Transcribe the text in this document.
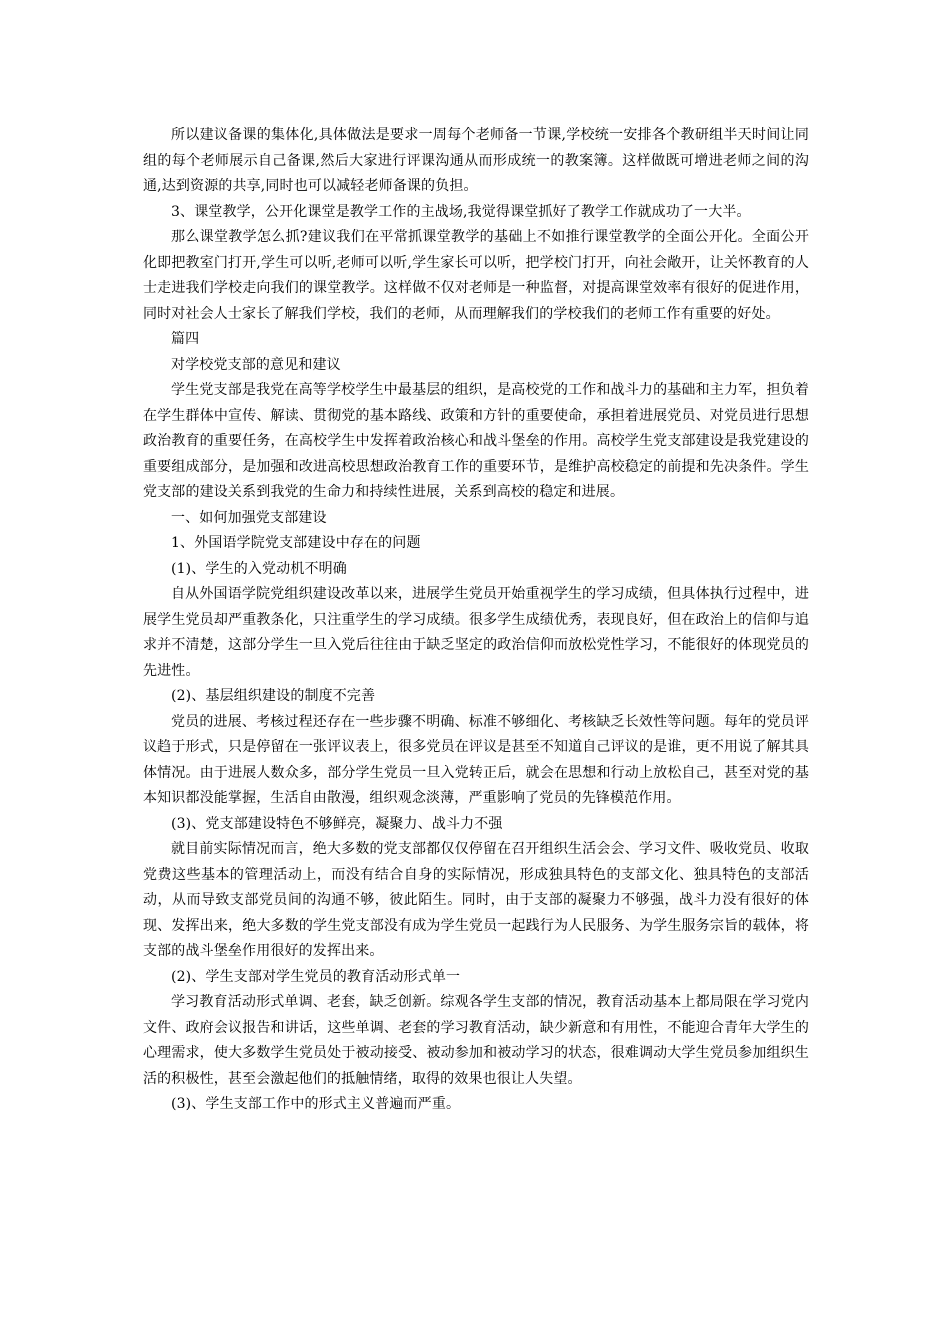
所以建议备课的集体化,具体做法是要求一周每个老师备一节课,学校统一安排各个教研组半天时间让同组的每个老师展示自己备课,然后大家进行评课沟通从而形成统一的教案簿。这样做既可增进老师之间的沟通,达到资源的共享,同时也可以减轻老师备课的负担。

3、课堂教学，公开化课堂是教学工作的主战场,我觉得课堂抓好了教学工作就成功了一大半。

那么课堂教学怎么抓?建议我们在平常抓课堂教学的基础上不如推行课堂教学的全面公开化。全面公开化即把教室门打开,学生可以听,老师可以听,学生家长可以听，把学校门打开，向社会敞开，让关怀教育的人士走进我们学校走向我们的课堂教学。这样做不仅对老师是一种监督，对提高课堂效率有很好的促进作用，同时对社会人士家长了解我们学校，我们的老师，从而理解我们的学校我们的老师工作有重要的好处。

篇四

对学校党支部的意见和建议

学生党支部是我党在高等学校学生中最基层的组织，是高校党的工作和战斗力的基础和主力军，担负着在学生群体中宣传、解读、贯彻党的基本路线、政策和方针的重要使命，承担着进展党员、对党员进行思想政治教育的重要任务，在高校学生中发挥着政治核心和战斗堡垒的作用。高校学生党支部建设是我党建设的重要组成部分，是加强和改进高校思想政治教育工作的重要环节，是维护高校稳定的前提和先决条件。学生党支部的建设关系到我党的生命力和持续性进展，关系到高校的稳定和进展。

一、如何加强党支部建设

1、外国语学院党支部建设中存在的问题

(1)、学生的入党动机不明确

自从外国语学院党组织建设改革以来，进展学生党员开始重视学生的学习成绩，但具体执行过程中，进展学生党员却严重教条化，只注重学生的学习成绩。很多学生成绩优秀，表现良好，但在政治上的信仰与追求并不清楚，这部分学生一旦入党后往往由于缺乏坚定的政治信仰而放松党性学习，不能很好的体现党员的先进性。

(2)、基层组织建设的制度不完善

党员的进展、考核过程还存在一些步骤不明确、标准不够细化、考核缺乏长效性等问题。每年的党员评议趋于形式，只是停留在一张评议表上，很多党员在评议是甚至不知道自己评议的是谁，更不用说了解其具体情况。由于进展人数众多，部分学生党员一旦入党转正后，就会在思想和行动上放松自己，甚至对党的基本知识都没能掌握，生活自由散漫，组织观念淡薄，严重影响了党员的先锋模范作用。

(3)、党支部建设特色不够鲜亮，凝聚力、战斗力不强

就目前实际情况而言，绝大多数的党支部都仅仅停留在召开组织生活会会、学习文件、吸收党员、收取党费这些基本的管理活动上，而没有结合自身的实际情况，形成独具特色的支部文化、独具特色的支部活动，从而导致支部党员间的沟通不够，彼此陌生。同时，由于支部的凝聚力不够强，战斗力没有很好的体现、发挥出来，绝大多数的学生党支部没有成为学生党员一起践行为人民服务、为学生服务宗旨的载体，将支部的战斗堡垒作用很好的发挥出来。

(2)、学生支部对学生党员的教育活动形式单一

学习教育活动形式单调、老套，缺乏创新。综观各学生支部的情况，教育活动基本上都局限在学习党内文件、政府会议报告和讲话，这些单调、老套的学习教育活动，缺少新意和有用性，不能迎合青年大学生的心理需求，使大多数学生党员处于被动接受、被动参加和被动学习的状态，很难调动大学生党员参加组织生活的积极性，甚至会激起他们的抵触情绪，取得的效果也很让人失望。

(3)、学生支部工作中的形式主义普遍而严重。
